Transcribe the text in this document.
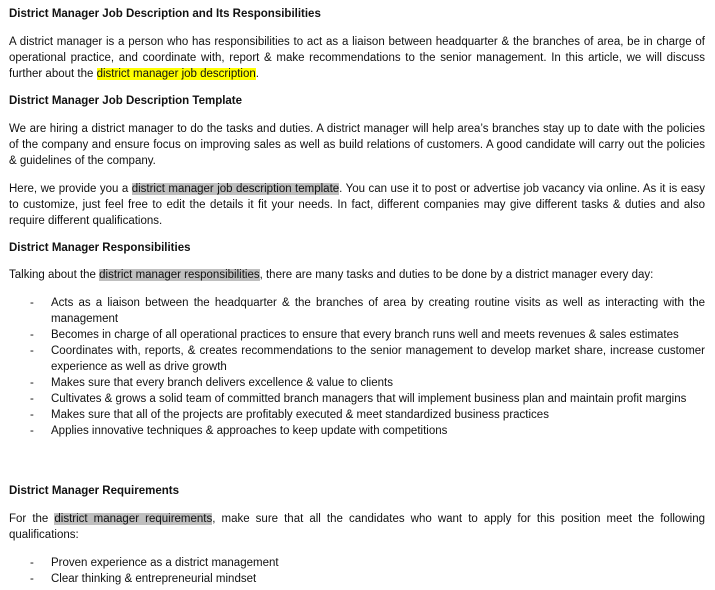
District Manager Job Description and Its Responsibilities

A district manager is a person who has responsibilities to act as a liaison between headquarter & the branches of area, be in charge of operational practice, and coordinate with, report & make recommendations to the senior management. In this article, we will discuss further about the district manager job description.

District Manager Job Description Template

We are hiring a district manager to do the tasks and duties. A district manager will help area’s branches stay up to date with the policies of the company and ensure focus on improving sales as well as build relations of customers. A good candidate will carry out the policies & guidelines of the company.

Here, we provide you a district manager job description template. You can use it to post or advertise job vacancy via online. As it is easy to customize, just feel free to edit the details it fit your needs. In fact, different companies may give different tasks & duties and also require different qualifications.

District Manager Responsibilities

Talking about the district manager responsibilities, there are many tasks and duties to be done by a district manager every day:

- Acts as a liaison between the headquarter & the branches of area by creating routine visits as well as interacting with the management
- Becomes in charge of all operational practices to ensure that every branch runs well and meets revenues & sales estimates
- Coordinates with, reports, & creates recommendations to the senior management to develop market share, increase customer experience as well as drive growth
- Makes sure that every branch delivers excellence & value to clients
- Cultivates & grows a solid team of committed branch managers that will implement business plan and maintain profit margins
- Makes sure that all of the projects are profitably executed & meet standardized business practices
- Applies innovative techniques & approaches to keep update with competitions
District Manager Requirements

For the district manager requirements, make sure that all the candidates who want to apply for this position meet the following qualifications:

- Proven experience as a district management
- Clear thinking & entrepreneurial mindset
